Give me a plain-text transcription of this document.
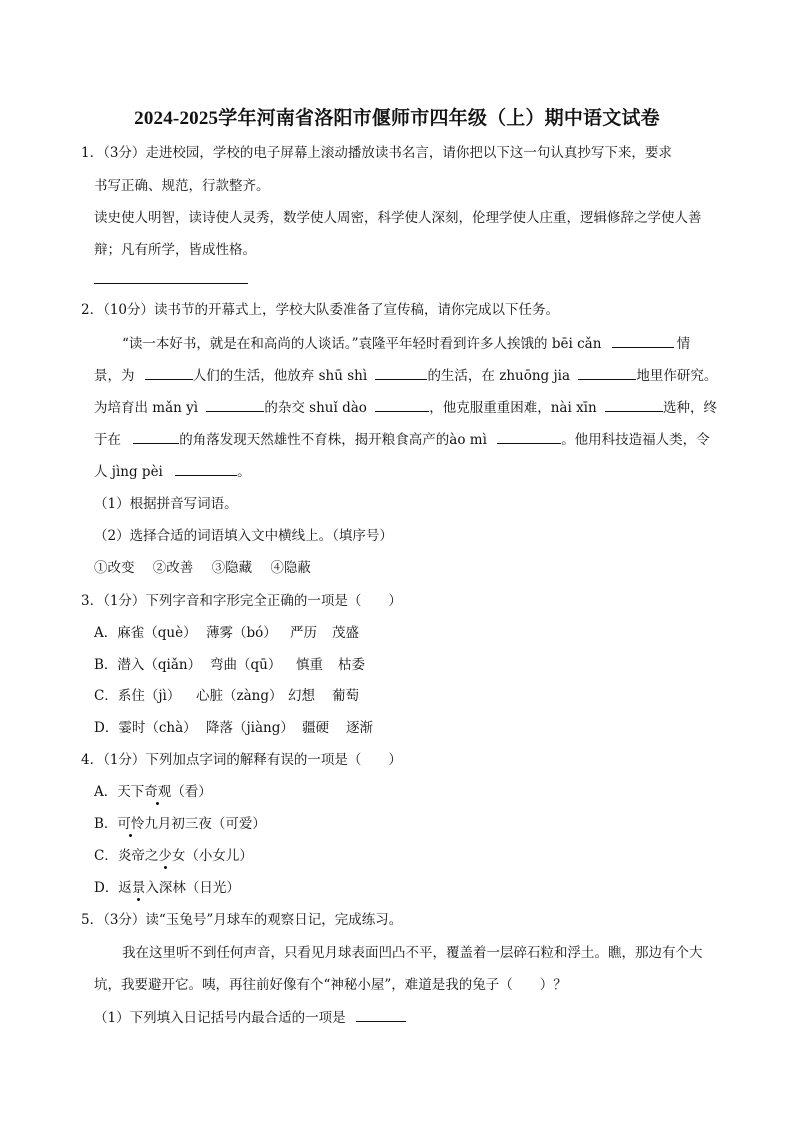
2024-2025学年河南省洛阳市偃师市四年级（上）期中语文试卷
1．（3分）走进校园，学校的电子屏幕上滚动播放读书名言，请你把以下这一句认真抄写下来，要求
书写正确、规范，行款整齐。
读史使人明智，读诗使人灵秀，数学使人周密，科学使人深刻，伦理学使人庄重，逻辑修辞之学使人善
辩；凡有所学，皆成性格。
2．（10分）读书节的开幕式上，学校大队委准备了宣传稿，请你完成以下任务。
“读一本好书，就是在和高尚的人谈话。”袁隆平年轻时看到许多人挨饿的 bēi cǎn	情
景，为	人们的生活，他放弃 shū shì	的生活，在 zhuōng jia	地里作研究。
为培育出 mǎn yì	的杂交 shuǐ dào	，他克服重重困难，nài xīn	选种，终
于在	的角落发现天然雄性不育株，揭开粮食高产的ào mì	。他用科技造福人类，令
人 jìng pèi	。
（1）根据拼音写词语。
（2）选择合适的词语填入文中横线上。（填序号）
①改变 ②改善 ③隐藏 ④隐蔽
3．（1分）下列字音和字形完全正确的一项是（　　）
A．麻雀（què） 薄雾（bó） 严历 茂盛
B．潜入（qiǎn） 弯曲（qū） 慎重 枯委
C．系住（jì） 心脏（zàng） 幻想 葡萄
D．霎时（chà） 降落（jiàng） 疆硬 逐渐
4．（1分）下列加点字词的解释有误的一项是（　　）
A．天下奇观（看）
B．可怜九月初三夜（可爱）
C．炎帝之少女（小女儿）
D．返景入深林（日光）
5．（3分）读“玉兔号”月球车的观察日记，完成练习。
我在这里听不到任何声音，只看见月球表面凹凸不平，覆盖着一层碎石粒和浮土。瞧，那边有个大
坑，我要避开它。咦，再往前好像有个“神秘小屋”，难道是我的兔子（　　）？
（1）下列填入日记括号内最合适的一项是
